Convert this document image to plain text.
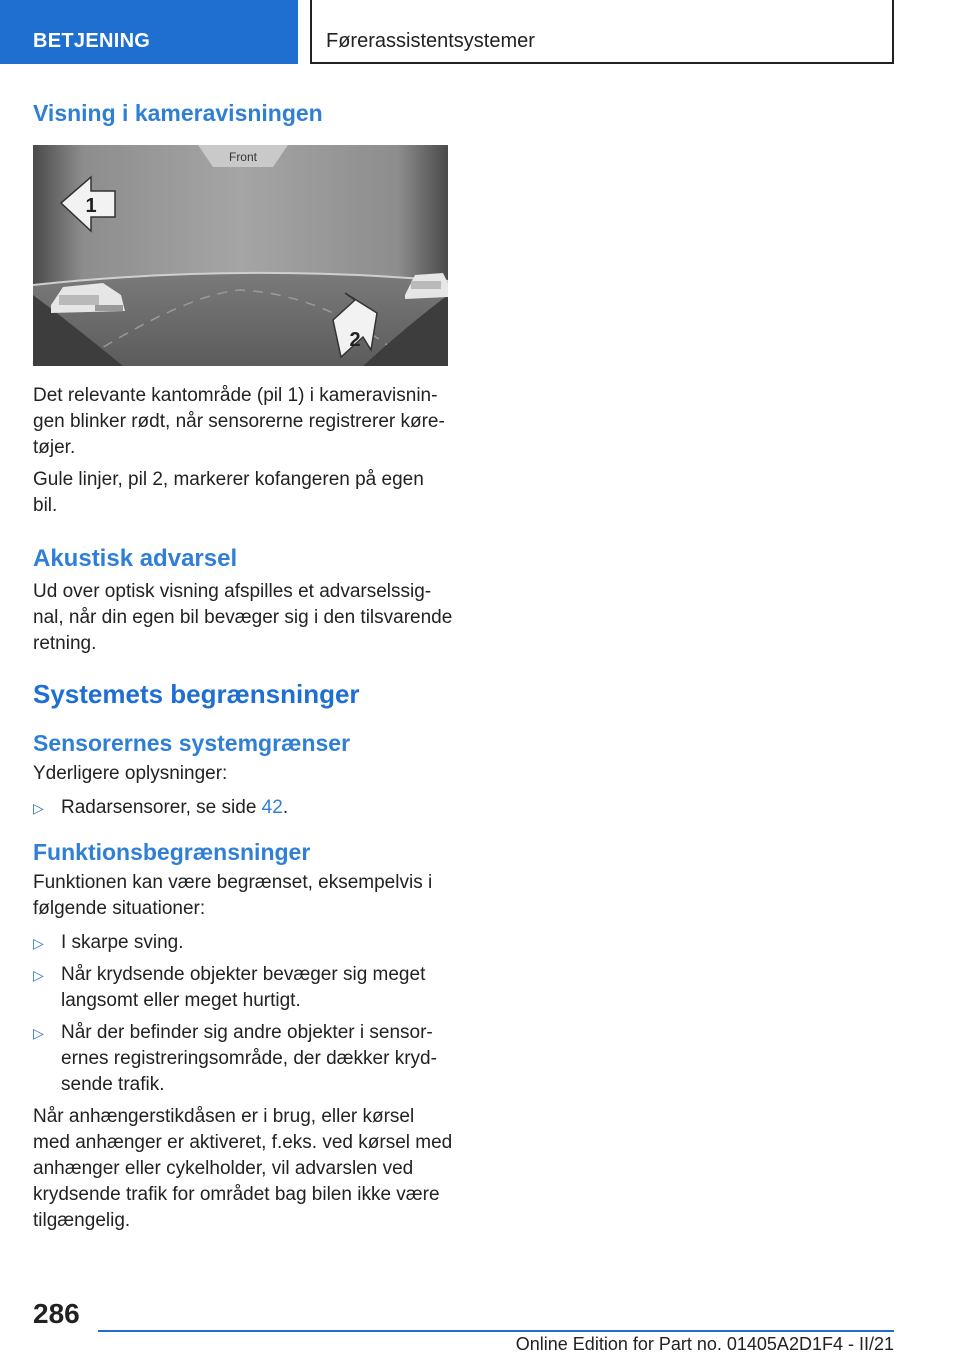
BETJENING	Førerassistentsystemer
Visning i kameravisningen
Front
1
2

Det relevante kantområde (pil 1) i kameravisnin-gen blinker rødt, når sensorerne registrerer køre-tøjer.

Gule linjer, pil 2, markerer kofangeren på egen bil.

Akustisk advarsel

Ud over optisk visning afspilles et advarselssig-nal, når din egen bil bevæger sig i den tilsvarende retning.

Systemets begrænsninger
Sensorernes systemgrænser

Yderligere oplysninger:

▷ Radarsensorer, se side 42.
Funktionsbegrænsninger

Funktionen kan være begrænset, eksempelvis i følgende situationer:

▷ I skarpe sving.
▷ Når krydsende objekter bevæger sig meget langsomt eller meget hurtigt.
▷ Når der befinder sig andre objekter i sensor-ernes registreringsområde, der dækker kryd-sende trafik.

Når anhængerstikdåsen er i brug, eller kørsel med anhænger er aktiveret, f.eks. ved kørsel med anhænger eller cykelholder, vil advarslen ved krydsende trafik for området bag bilen ikke være tilgængelig.

286
Online Edition for Part no. 01405A2D1F4 - II/21
